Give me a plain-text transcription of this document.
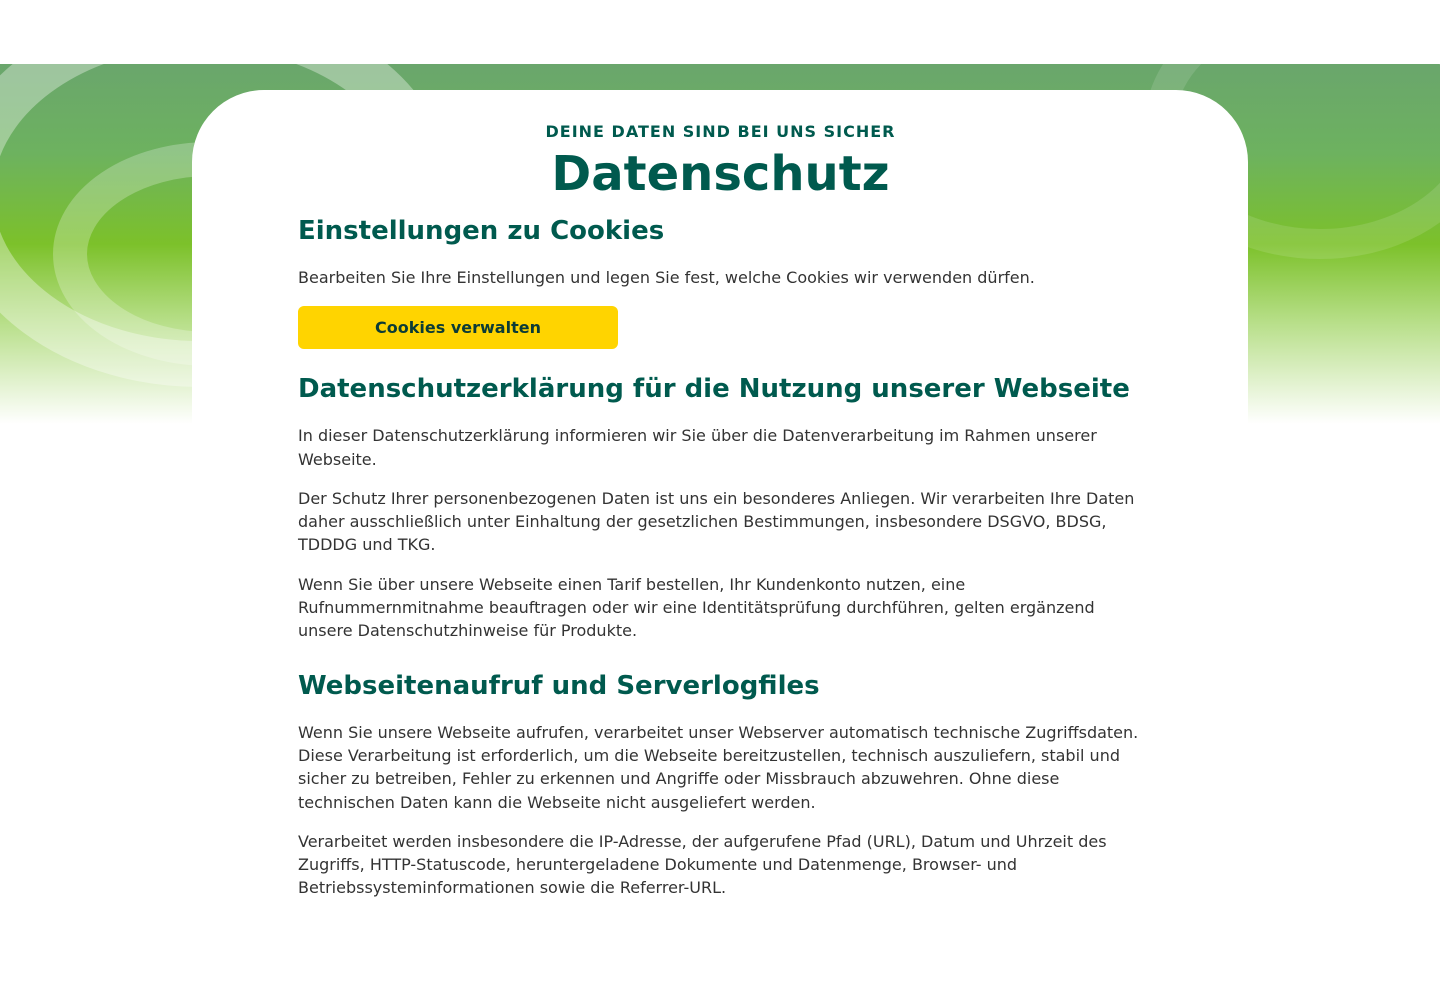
DEINE DATEN SIND BEI UNS SICHER
Datenschutz
Einstellungen zu Cookies

Bearbeiten Sie Ihre Einstellungen und legen Sie fest, welche Cookies wir verwenden dürfen.

Cookies verwalten
Datenschutzerklärung für die Nutzung unserer Webseite

In dieser Datenschutzerklärung informieren wir Sie über die Datenverarbeitung im Rahmen unserer Webseite.

Der Schutz Ihrer personenbezogenen Daten ist uns ein besonderes Anliegen. Wir verarbeiten Ihre Daten daher ausschließlich unter Einhaltung der gesetzlichen Bestimmungen, insbesondere DSGVO, BDSG, TDDDG und TKG.

Wenn Sie über unsere Webseite einen Tarif bestellen, Ihr Kundenkonto nutzen, eine Rufnummernmitnahme beauftragen oder wir eine Identitätsprüfung durchführen, gelten ergänzend unsere Datenschutzhinweise für Produkte.

Webseitenaufruf und Serverlogfiles

Wenn Sie unsere Webseite aufrufen, verarbeitet unser Webserver automatisch technische Zugriffsdaten. Diese Verarbeitung ist erforderlich, um die Webseite bereitzustellen, technisch auszuliefern, stabil und sicher zu betreiben, Fehler zu erkennen und Angriffe oder Missbrauch abzuwehren. Ohne diese technischen Daten kann die Webseite nicht ausgeliefert werden.

Verarbeitet werden insbesondere die IP-Adresse, der aufgerufene Pfad (URL), Datum und Uhrzeit des Zugriffs, HTTP-Statuscode, heruntergeladene Dokumente und Datenmenge, Browser- und Betriebssysteminformationen sowie die Referrer-URL.
